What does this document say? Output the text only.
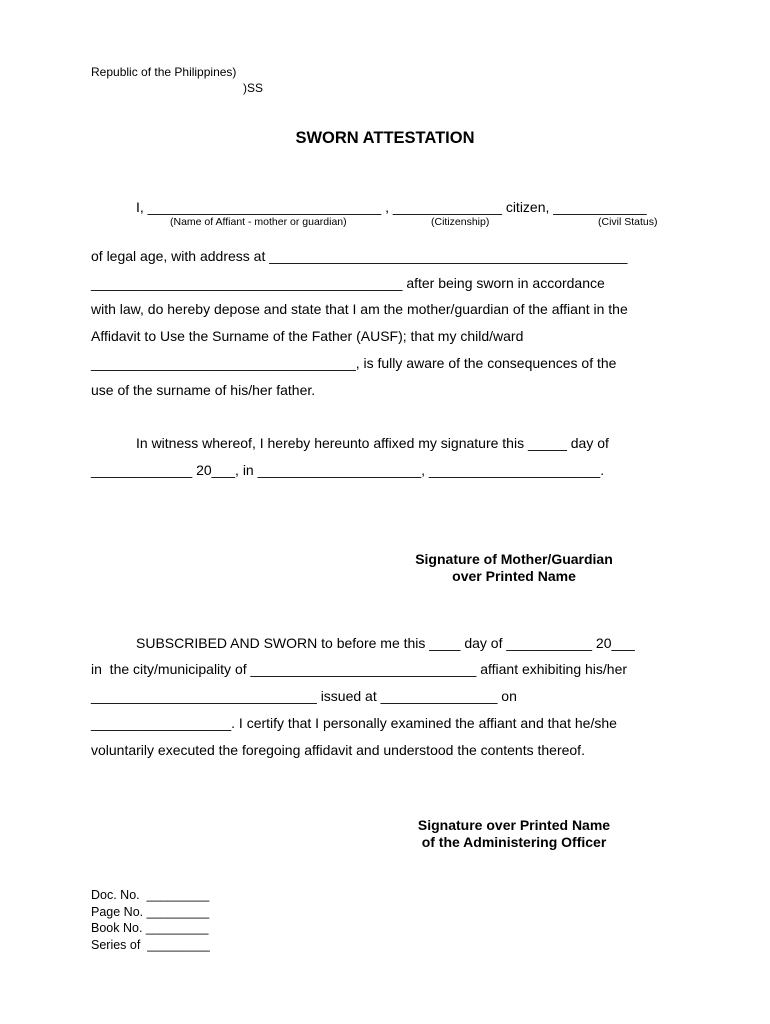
Republic of the Philippines)
)SS
SWORN ATTESTATION
I, ______________________________ , ______________ citizen, ____________
(Name of Affiant - mother or guardian)	(Citizenship)	(Civil Status)
of legal age, with address at ______________________________________________
________________________________________ after being sworn in accordance
with law, do hereby depose and state that I am the mother/guardian of the affiant in the
Affidavit to Use the Surname of the Father (AUSF); that my child/ward
__________________________________, is fully aware of the consequences of the
use of the surname of his/her father.
In witness whereof, I hereby hereunto affixed my signature this _____ day of
_____________ 20___, in _____________________, ______________________.
Signature of Mother/Guardian
over Printed Name
SUBSCRIBED AND SWORN to before me this ____ day of ___________ 20___
in  the city/municipality of _____________________________ affiant exhibiting his/her
_____________________________ issued at _______________ on
__________________. I certify that I personally examined the affiant and that he/she
voluntarily executed the foregoing affidavit and understood the contents thereof.
Signature over Printed Name
of the Administering Officer
Doc. No.  _________
Page No. _________
Book No. _________
Series of  _________
